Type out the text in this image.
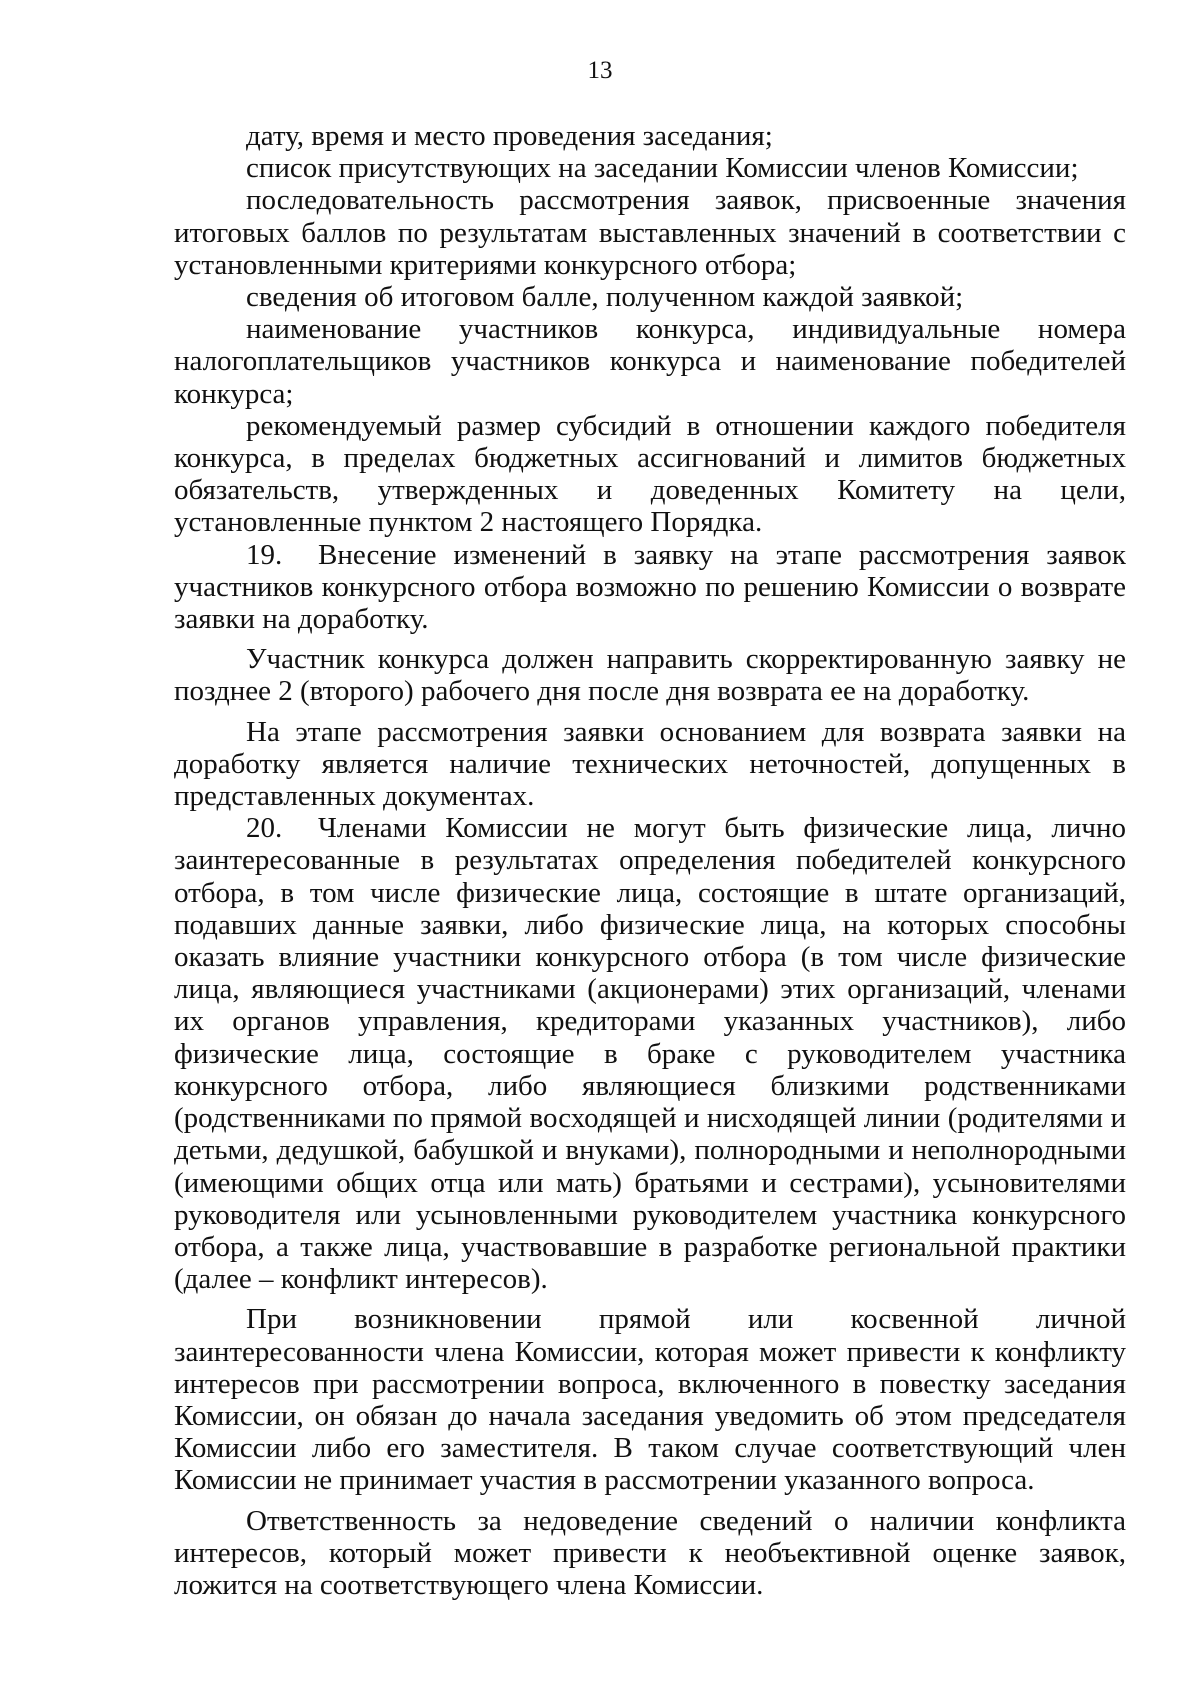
13

дату, время и место проведения заседания;

список присутствующих на заседании Комиссии членов Комиссии;

последовательность рассмотрения заявок, присвоенные значения итоговых баллов по результатам выставленных значений в соответствии с установленными критериями конкурсного отбора;

сведения об итоговом балле, полученном каждой заявкой;

наименование участников конкурса, индивидуальные номера налогоплательщиков участников конкурса и наименование победителей конкурса;

рекомендуемый размер субсидий в отношении каждого победителя конкурса, в пределах бюджетных ассигнований и лимитов бюджетных обязательств, утвержденных и доведенных Комитету на цели, установленные пунктом 2 настоящего Порядка.

19. Внесение изменений в заявку на этапе рассмотрения заявок участников конкурсного отбора возможно по решению Комиссии о возврате заявки на доработку.

Участник конкурса должен направить скорректированную заявку не позднее 2 (второго) рабочего дня после дня возврата ее на доработку.

На этапе рассмотрения заявки основанием для возврата заявки на доработку является наличие технических неточностей, допущенных в представленных документах.

20. Членами Комиссии не могут быть физические лица, лично заинтересованные в результатах определения победителей конкурсного отбора, в том числе физические лица, состоящие в штате организаций, подавших данные заявки, либо физические лица, на которых способны оказать влияние участники конкурсного отбора (в том числе физические лица, являющиеся участниками (акционерами) этих организаций, членами их органов управления, кредиторами указанных участников), либо физические лица, состоящие в браке с руководителем участника конкурсного отбора, либо являющиеся близкими родственниками (родственниками по прямой восходящей и нисходящей линии (родителями и детьми, дедушкой, бабушкой и внуками), полнородными и неполнородными (имеющими общих отца или мать) братьями и сестрами), усыновителями руководителя или усыновленными руководителем участника конкурсного отбора, а также лица, участвовавшие в разработке региональной практики (далее – конфликт интересов).

При возникновении прямой или косвенной личной заинтересованности члена Комиссии, которая может привести к конфликту интересов при рассмотрении вопроса, включенного в повестку заседания Комиссии, он обязан до начала заседания уведомить об этом председателя Комиссии либо его заместителя. В таком случае соответствующий член Комиссии не принимает участия в рассмотрении указанного вопроса.

Ответственность за недоведение сведений о наличии конфликта интересов, который может привести к необъективной оценке заявок, ложится на соответствующего члена Комиссии.
